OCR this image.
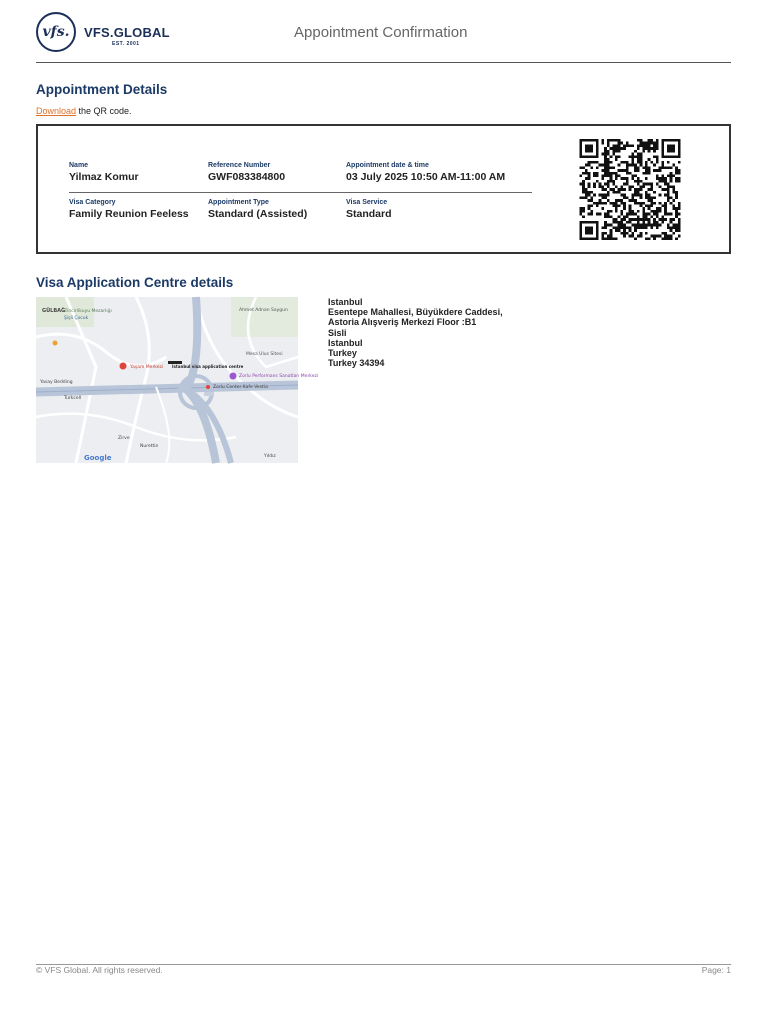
vfs.	VFS.GLOBAL
EST. 2001
Appointment Confirmation
Appointment Details
Download the QR code.
Name
Yilmaz Komur
Reference Number
GWF083384800
Appointment date & time
03 July 2025 10:50 AM-11:00 AM
Visa Category
Family Reunion Feeless
Appointment Type
Standard (Assisted)
Visa Service
Standard
Visa Application Centre details
GÜLBAĞ
Zincirlikuyu Mezarlığı
Şişli Çocuk
Ahmet Adnan Saygun
Mesa Ulus Sitesi
Yaşam Merkezi Istanbul visa application centre
Zorlu Performans Sanatları Merkezi
Zorlu Center Kafe Vestia
Yasay Bedding
Turkcell
Zirve
Nurettin
Yıldız
Google
Istanbul
Esentepe Mahallesi, Büyükdere Caddesi,
Astoria Alışveriş Merkezi Floor :B1
Sisli
Istanbul
Turkey
Turkey 34394
© VFS Global. All rights reserved.	Page: 1
